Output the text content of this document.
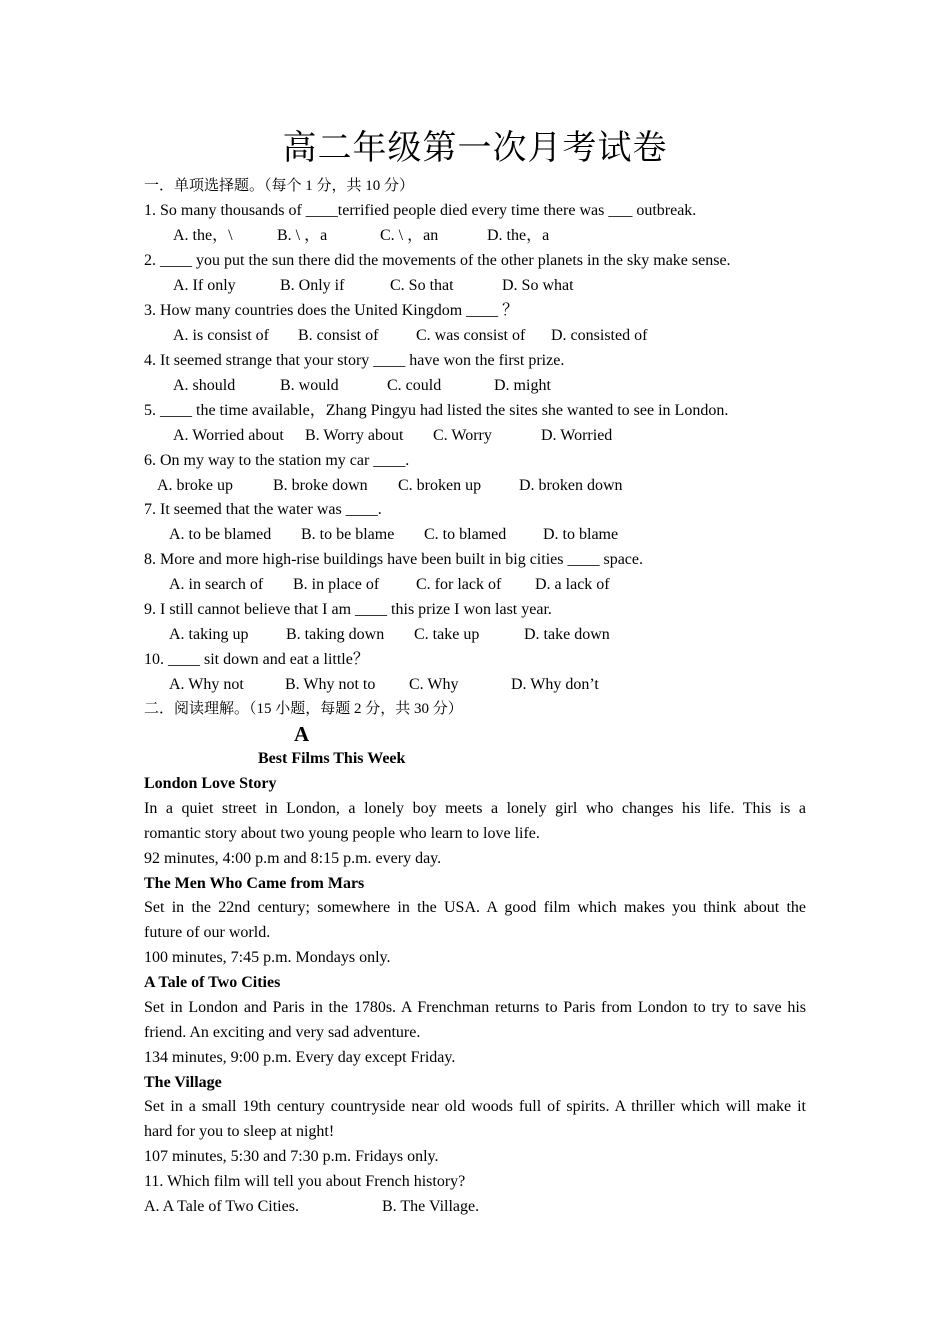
高二年级第一次月考试卷
一．单项选择题。（每个 1 分，共 10 分）
1. So many thousands of ____terrified people died every time there was ___ outbreak.
A. the，\	B. \ ，a	C. \ ，an	D. the，a
2. ____ you put the sun there did the movements of the other planets in the sky make sense.
A. If only	B. Only if	C. So that	D. So what
3. How many countries does the United Kingdom ____ ？
A. is consist of B. consist of C. was consist of D. consisted of
4. It seemed strange that your story ____ have won the first prize.
A. should	B. would	C. could	D. might
5. ____ the time available，Zhang Pingyu had listed the sites she wanted to see in London.
A. Worried about B. Worry about C. Worry	D. Worried
6. On my way to the station my car ____.
A. broke up	B. broke down C. broken up D. broken down
7. It seemed that the water was ____.
A. to be blamed B. to be blame C. to blamed D. to blame
8. More and more high-rise buildings have been built in big cities ____ space.
A. in search of B. in place of C. for lack of D. a lack of
9. I still cannot believe that I am ____ this prize I won last year.
A. taking up B. taking down C. take up	D. take down
10. ____ sit down and eat a little？
A. Why not	B. Why not to C. Why	D. Why don’t
二．阅读理解。（15 小题，每题 2 分，共 30 分）
A
Best Films This Week
London Love Story
In a quiet street in London, a lonely boy meets a lonely girl who changes his life. This is a
romantic story about two young people who learn to love life.
92 minutes, 4:00 p.m and 8:15 p.m. every day.
The Men Who Came from Mars
Set in the 22nd century; somewhere in the USA. A good film which makes you think about the
future of our world.
100 minutes, 7:45 p.m. Mondays only.
A Tale of Two Cities
Set in London and Paris in the 1780s. A Frenchman returns to Paris from London to try to save his
friend. An exciting and very sad adventure.
134 minutes, 9:00 p.m. Every day except Friday.
The Village
Set in a small 19th century countryside near old woods full of spirits. A thriller which will make it
hard for you to sleep at night!
107 minutes, 5:30 and 7:30 p.m. Fridays only.
11. Which film will tell you about French history?
A. A Tale of Two Cities.	B. The Village.
